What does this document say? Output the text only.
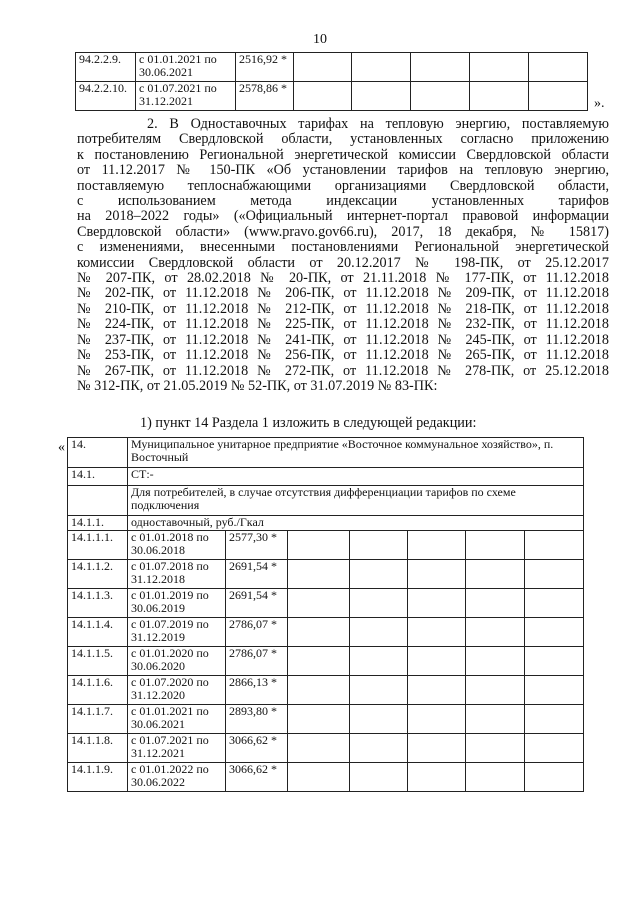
10
94.2.2.9.	с 01.01.2021 по 30.06.2021	2516,92 *					
94.2.2.10.	с 01.07.2021 по 31.12.2021	2578,86 *					
».

2. В Одноставочных тарифах на тепловую энергию, поставляемую

потребителям Свердловской области, установленных согласно приложению

к постановлению Региональной энергетической комиссии Свердловской области

от 11.12.2017 № 150-ПК «Об установлении тарифов на тепловую энергию,

поставляемую теплоснабжающими организациями Свердловской области,

с использованием метода индексации установленных тарифов

на 2018–2022 годы» («Официальный интернет-портал правовой информации

Свердловской области» (www.pravo.gov66.ru), 2017, 18 декабря, № 15817)

с изменениями, внесенными постановлениями Региональной энергетической

комиссии Свердловской области от 20.12.2017 № 198-ПК, от 25.12.2017

№ 207-ПК, от 28.02.2018 № 20-ПК, от 21.11.2018 № 177-ПК, от 11.12.2018

№ 202-ПК, от 11.12.2018 № 206-ПК, от 11.12.2018 № 209-ПК, от 11.12.2018

№ 210-ПК, от 11.12.2018 № 212-ПК, от 11.12.2018 № 218-ПК, от 11.12.2018

№ 224-ПК, от 11.12.2018 № 225-ПК, от 11.12.2018 № 232-ПК, от 11.12.2018

№ 237-ПК, от 11.12.2018 № 241-ПК, от 11.12.2018 № 245-ПК, от 11.12.2018

№ 253-ПК, от 11.12.2018 № 256-ПК, от 11.12.2018 № 265-ПК, от 11.12.2018

№ 267-ПК, от 11.12.2018 № 272-ПК, от 11.12.2018 № 278-ПК, от 25.12.2018

№ 312-ПК, от 21.05.2019 № 52-ПК, от 31.07.2019 № 83-ПК:

1) пункт 14 Раздела 1 изложить в следующей редакции:
« 14.	Муниципальное унитарное предприятие «Восточное коммунальное хозяйство», п. Восточный						
14.1.	СТ:-						
	Для потребителей, в случае отсутствия дифференциации тарифов по схеме подключения						
14.1.1.	одноставочный, руб./Гкал						
14.1.1.1.	с 01.01.2018 по 30.06.2018	2577,30 *					
14.1.1.2.	с 01.07.2018 по 31.12.2018	2691,54 *					
14.1.1.3.	с 01.01.2019 по 30.06.2019	2691,54 *					
14.1.1.4.	с 01.07.2019 по 31.12.2019	2786,07 *					
14.1.1.5.	с 01.01.2020 по 30.06.2020	2786,07 *					
14.1.1.6.	с 01.07.2020 по 31.12.2020	2866,13 *					
14.1.1.7.	с 01.01.2021 по 30.06.2021	2893,80 *					
14.1.1.8.	с 01.07.2021 по 31.12.2021	3066,62 *					
14.1.1.9.	с 01.01.2022 по 30.06.2022	3066,62 *					
